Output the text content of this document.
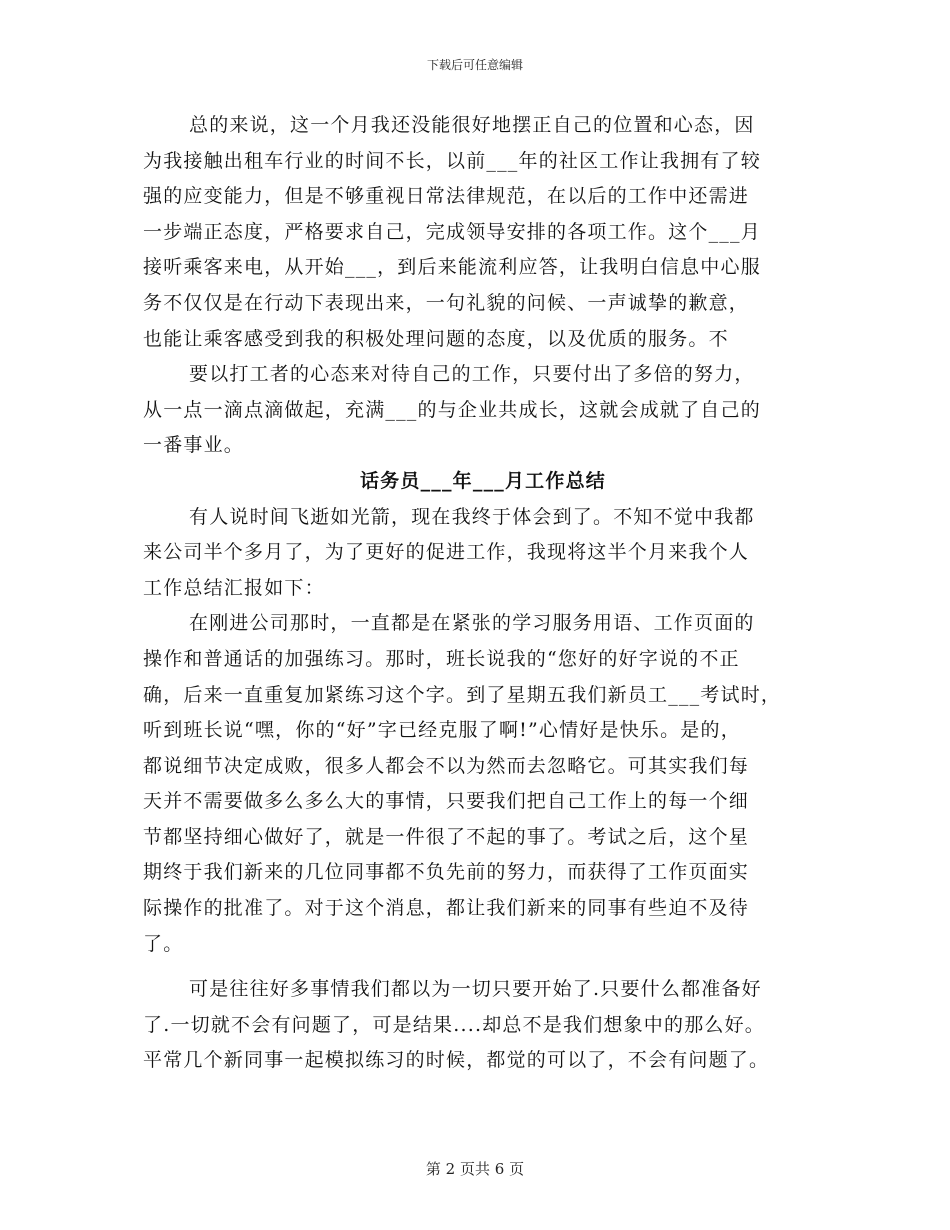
下载后可任意编辑
总的来说，这一个月我还没能很好地摆正自己的位置和心态，因
为我接触出租车行业的时间不长，以前___年的社区工作让我拥有了较
强的应变能力，但是不够重视日常法律规范，在以后的工作中还需进
一步端正态度，严格要求自己，完成领导安排的各项工作。这个___月
接听乘客来电，从开始___，到后来能流利应答，让我明白信息中心服
务不仅仅是在行动下表现出来，一句礼貌的问候、一声诚挚的歉意，
也能让乘客感受到我的积极处理问题的态度，以及优质的服务。不
要以打工者的心态来对待自己的工作，只要付出了多倍的努力，
从一点一滴点滴做起，充满___的与企业共成长，这就会成就了自己的
一番事业。
话务员___年___月工作总结
有人说时间飞逝如光箭，现在我终于体会到了。不知不觉中我都
来公司半个多月了，为了更好的促进工作，我现将这半个月来我个人
工作总结汇报如下：
在刚进公司那时，一直都是在紧张的学习服务用语、工作页面的
操作和普通话的加强练习。那时，班长说我的“您好的好字说的不正
确，后来一直重复加紧练习这个字。到了星期五我们新员工___考试时，
听到班长说“嘿，你的“好”字已经克服了啊!”心情好是快乐。是的，
都说细节决定成败，很多人都会不以为然而去忽略它。可其实我们每
天并不需要做多么多么大的事情，只要我们把自己工作上的每一个细
节都坚持细心做好了，就是一件很了不起的事了。考试之后，这个星
期终于我们新来的几位同事都不负先前的努力，而获得了工作页面实
际操作的批准了。对于这个消息，都让我们新来的同事有些迫不及待
了。
可是往往好多事情我们都以为一切只要开始了.只要什么都准备好
了.一切就不会有问题了，可是结果....却总不是我们想象中的那么好。
平常几个新同事一起模拟练习的时候，都觉的可以了，不会有问题了。
第 2 页共 6 页
